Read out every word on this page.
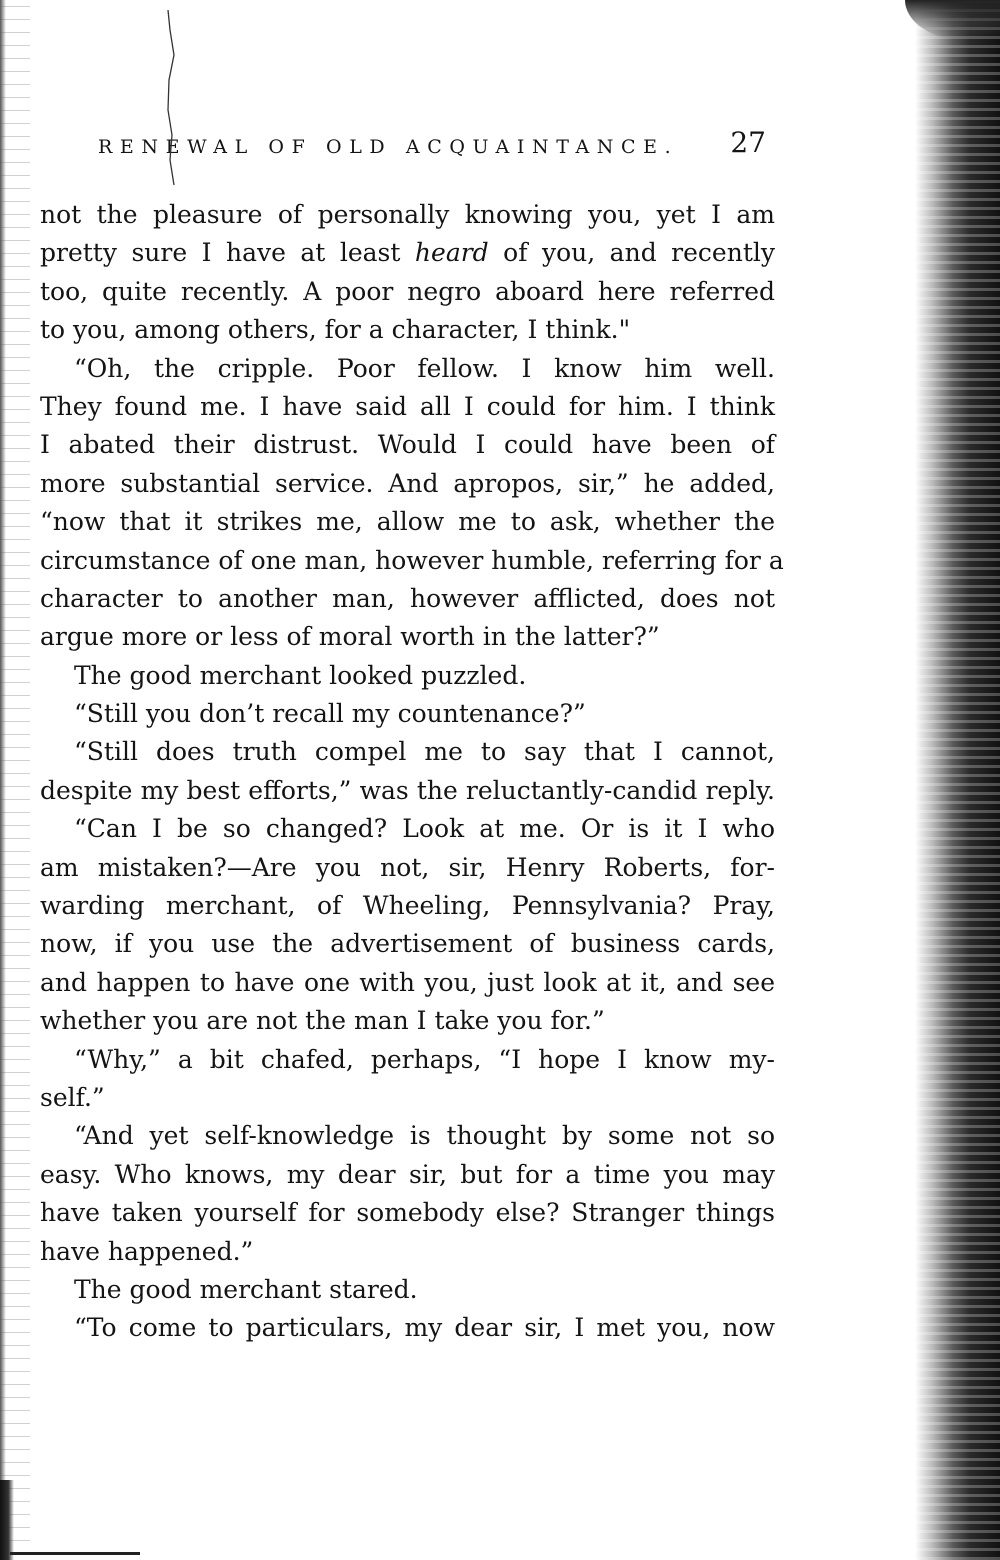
RENEWAL OF OLD ACQUAINTANCE. 27
not the pleasure of personally knowing you, yet I am
pretty sure I have at least heard of you, and recently
too, quite recently. A poor negro aboard here referred
to you, among others, for a character, I think."
“Oh, the cripple. Poor fellow. I know him well.
They found me. I have said all I could for him. I think
I abated their distrust. Would I could have been of
more substantial service. And apropos, sir,” he added,
“now that it strikes me, allow me to ask, whether the
circumstance of one man, however humble, referring for a
character to another man, however afflicted, does not
argue more or less of moral worth in the latter?”
The good merchant looked puzzled.
“Still you don’t recall my countenance?”
“Still does truth compel me to say that I cannot,
despite my best efforts,” was the reluctantly-candid reply.
“Can I be so changed? Look at me. Or is it I who
am mistaken?—Are you not, sir, Henry Roberts, for-
warding merchant, of Wheeling, Pennsylvania? Pray,
now, if you use the advertisement of business cards,
and happen to have one with you, just look at it, and see
whether you are not the man I take you for.”
“Why,” a bit chafed, perhaps, “I hope I know my-
self.”
“And yet self-knowledge is thought by some not so
easy. Who knows, my dear sir, but for a time you may
have taken yourself for somebody else? Stranger things
have happened.”
The good merchant stared.
“To come to particulars, my dear sir, I met you, now
